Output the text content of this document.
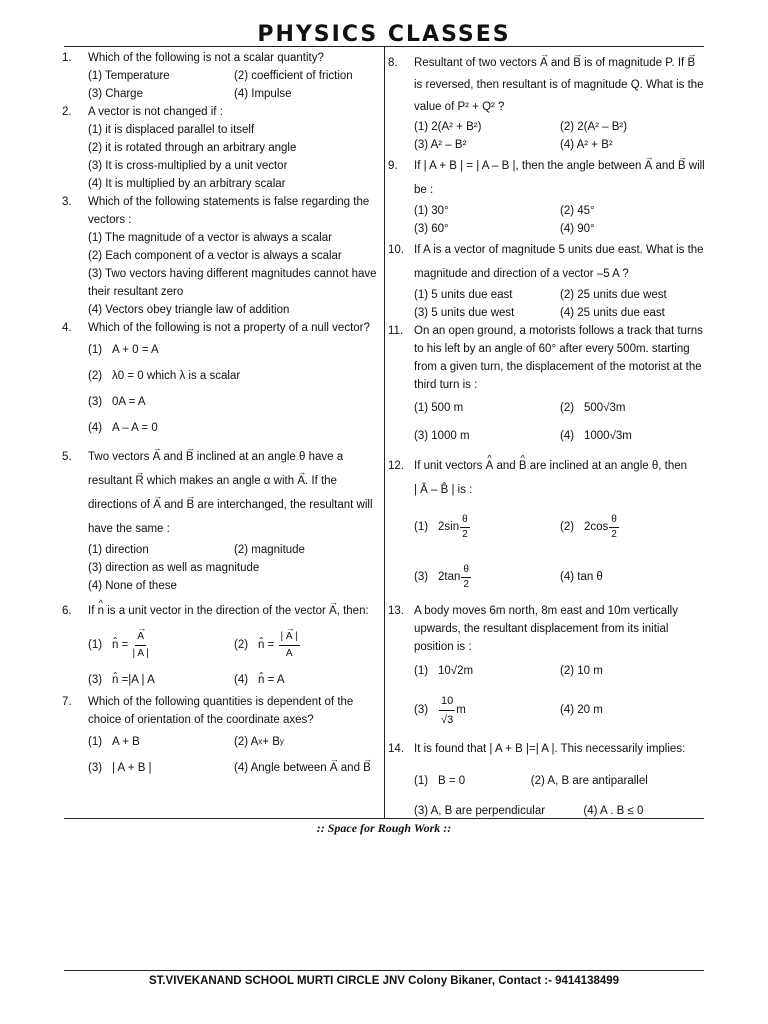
PHYSICS CLASSES
1.	Which of the following is not a scalar quantity?
(1) Temperature	(2) coefficient of friction
(3) Charge	(4) Impulse
2.	A vector is not changed if :
(1) it is displaced parallel to itself
(2) it is rotated through an arbitrary angle
(3) It is cross-multiplied by a unit vector
(4) It is multiplied by an arbitrary scalar
3.	Which of the following statements is false regarding the vectors :
(1) The magnitude of a vector is always a scalar
(2) Each component of a vector is always a scalar
(3) Two vectors having different magnitudes cannot have their resultant zero
(4) Vectors obey triangle law of addition
4.	Which of the following is not a property of a null vector?
(1) A + 0 = A
(2) λ0 = 0
which λ is a scalar
(3) 0A = A
(4) A – A = 0
5.	Two vectors → A and → B inclined at an angle θ have a resultant → R which makes an angle α with → A. If the directions of → A and → B are interchanged, the resultant will have the same :
(1) direction	(2) magnitude
(3) direction as well as magnitude
(4) None of these
6.	If ^ n is a unit vector in the direction of the vector → A, then:
(1) n̂ = → $\frac{A}{| A |}$	(2) n̂ = $\frac{| \to A |}{A}$
(3) n̂ =|A | A	(4) n̂ = A
7.	Which of the following quantities is dependent of the choice of orientation of the coordinate axes?
(1) A + B	(2) A x + B y
(3) | A + B |	(4) Angle between
→ A
and
→ B
8.	Resultant of two vectors → A and → B is of magnitude P. If → B is reversed, then resultant is of magnitude Q. What is the value of P² + Q² ?
(1) 2(A² + B²)	(2) 2(A² – B²)
(3) A² – B²	(4) A² + B²
9.	If | A + B | = | A – B |, then the angle between → A and → B will be :
(1) 30°	(2) 45°
(3) 60°	(4) 90°
10. If A is a vector of magnitude 5 units due east. What is the magnitude and direction of a vector –5 A ?
(1) 5 units due east	(2) 25 units due west
(3) 5 units due west	(4) 25 units due east
11. On an open ground, a motorists follows a track that turns to his left by an angle of 60° after every 500m. starting from a given turn, the displacement of the motorist at the third turn is :
(1) 500 m	(2) 500√3m
(3) 1000 m	(4) 1000√3m
12. If unit vectors ^ A and ^ B are inclined at an angle θ, then
| Â – B̂ | is :
(1) $2\sin \frac{\theta}{2}$	(2) $2\cos \frac{\theta}{2}$
(3) $2\tan \frac{\theta}{2}$	(4) tan θ
13. A body moves 6m north, 8m east and 10m vertically upwards, the resultant displacement from its initial position is :
(1) 10√2m	(2) 10 m
$(3) \frac{10}{√3}$ m	(4) 20 m
14. It is found that | A + B |=| A |. This necessarily implies:
(1) B = 0	(2) A, B are antiparallel
(3) A, B are perpendicular	(4) A . B ≤ 0
:: Space for Rough Work ::
ST.VIVEKANAND SCHOOL MURTI CIRCLE JNV Colony Bikaner, Contact :- 9414138499
